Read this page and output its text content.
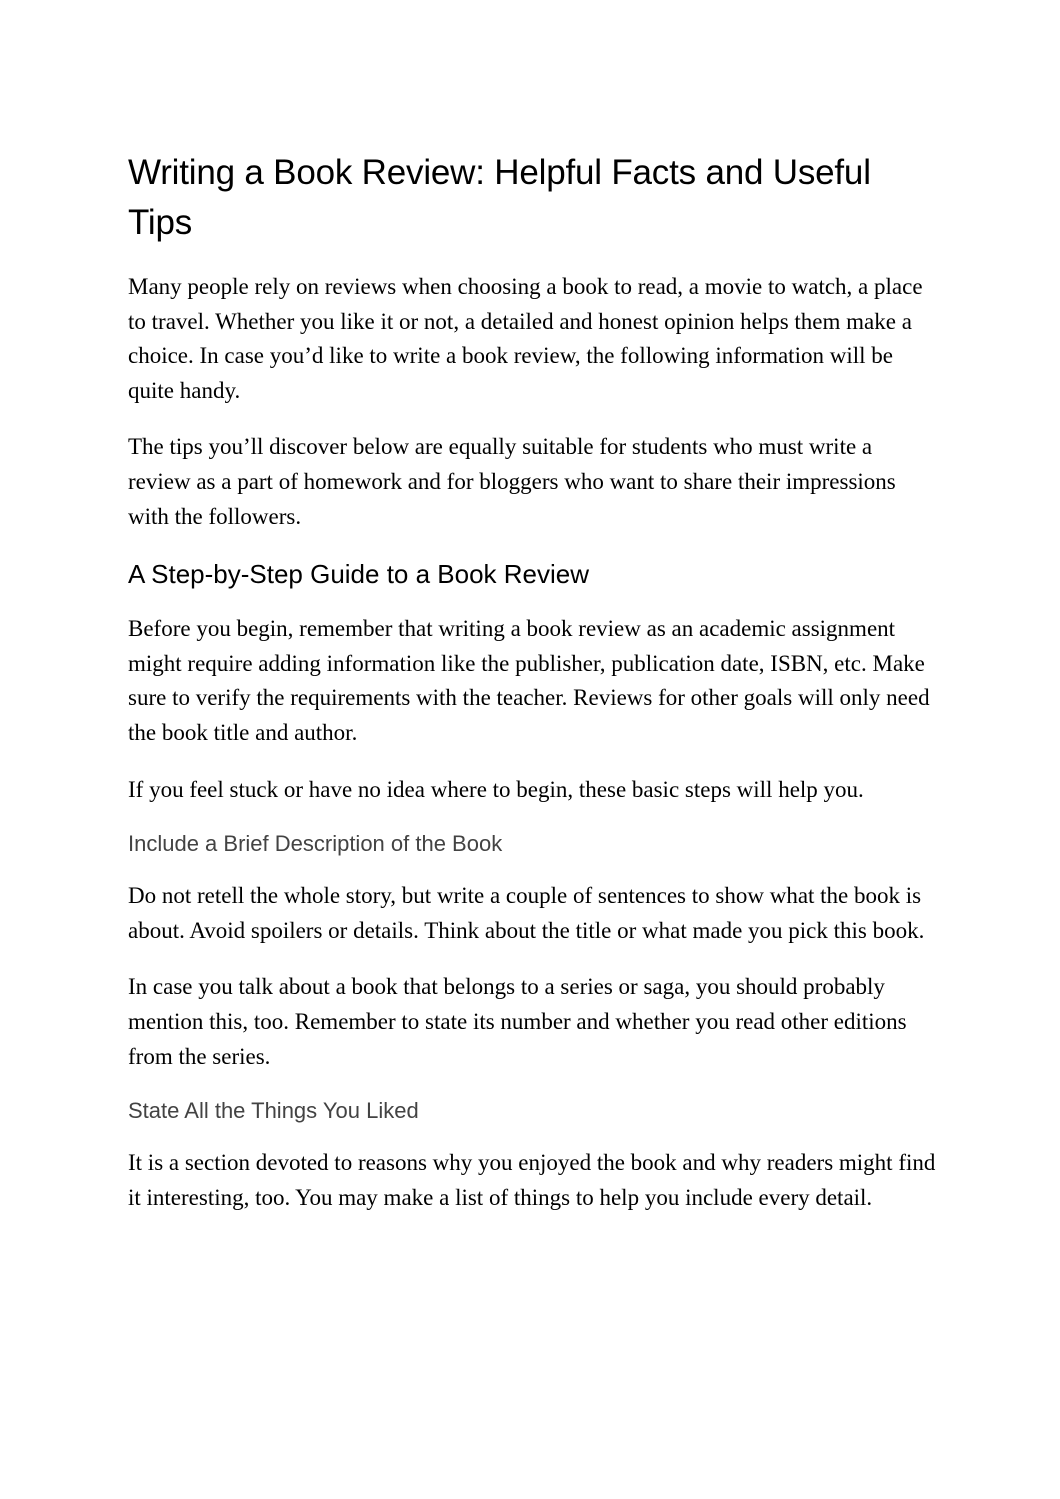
Writing a Book Review: Helpful Facts and Useful Tips

Many people rely on reviews when choosing a book to read, a movie to watch, a place to travel. Whether you like it or not, a detailed and honest opinion helps them make a choice. In case you’d like to write a book review, the following information will be quite handy.

The tips you’ll discover below are equally suitable for students who must write a review as a part of homework and for bloggers who want to share their impressions with the followers.

A Step-by-Step Guide to a Book Review

Before you begin, remember that writing a book review as an academic assignment might require adding information like the publisher, publication date, ISBN, etc. Make sure to verify the requirements with the teacher. Reviews for other goals will only need the book title and author.

If you feel stuck or have no idea where to begin, these basic steps will help you.

Include a Brief Description of the Book

Do not retell the whole story, but write a couple of sentences to show what the book is about. Avoid spoilers or details. Think about the title or what made you pick this book.

In case you talk about a book that belongs to a series or saga, you should probably mention this, too. Remember to state its number and whether you read other editions from the series.

State All the Things You Liked

It is a section devoted to reasons why you enjoyed the book and why readers might find it interesting, too. You may make a list of things to help you include every detail.
